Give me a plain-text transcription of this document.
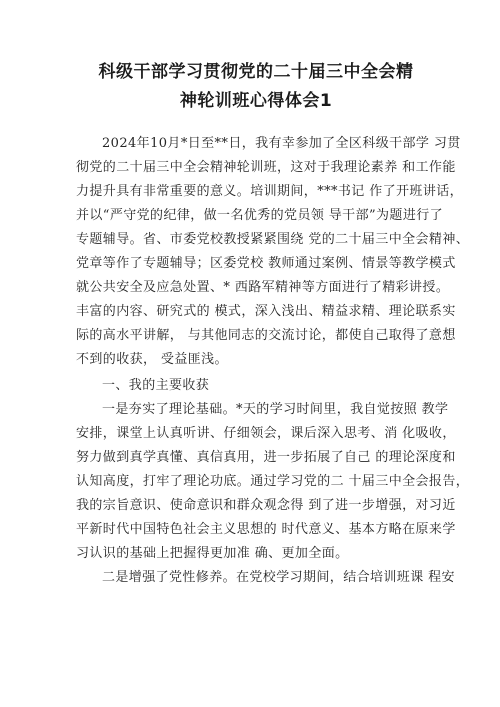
科级干部学习贯彻党的二十届三中全会精
神轮训班心得体会1

2024年10月*日至**日，我有幸参加了全区科级干部学 习贯

彻党的二十届三中全会精神轮训班，这对于我理论素养 和工作能

力提升具有非常重要的意义。培训期间，***书记 作了开班讲话，

并以“严守党的纪律，做一名优秀的党员领 导干部”为题进行了

专题辅导。省、市委党校教授紧紧围绕 党的二十届三中全会精神、

党章等作了专题辅导；区委党校 教师通过案例、情景等教学模式

就公共安全及应急处置、* 西路军精神等方面进行了精彩讲授。

丰富的内容、研究式的 模式，深入浅出、精益求精、理论联系实

际的高水平讲解， 与其他同志的交流讨论，都使自己取得了意想

不到的收获， 受益匪浅。

一、我的主要收获

一是夯实了理论基础。*天的学习时间里，我自觉按照 教学

安排，课堂上认真听讲、仔细领会，课后深入思考、消 化吸收，

努力做到真学真懂、真信真用，进一步拓展了自己 的理论深度和

认知高度，打牢了理论功底。通过学习党的二 十届三中全会报告，

我的宗旨意识、使命意识和群众观念得 到了进一步增强，对习近

平新时代中国特色社会主义思想的 时代意义、基本方略在原来学

习认识的基础上把握得更加准 确、更加全面。

二是增强了党性修养。在党校学习期间，结合培训班课 程安
